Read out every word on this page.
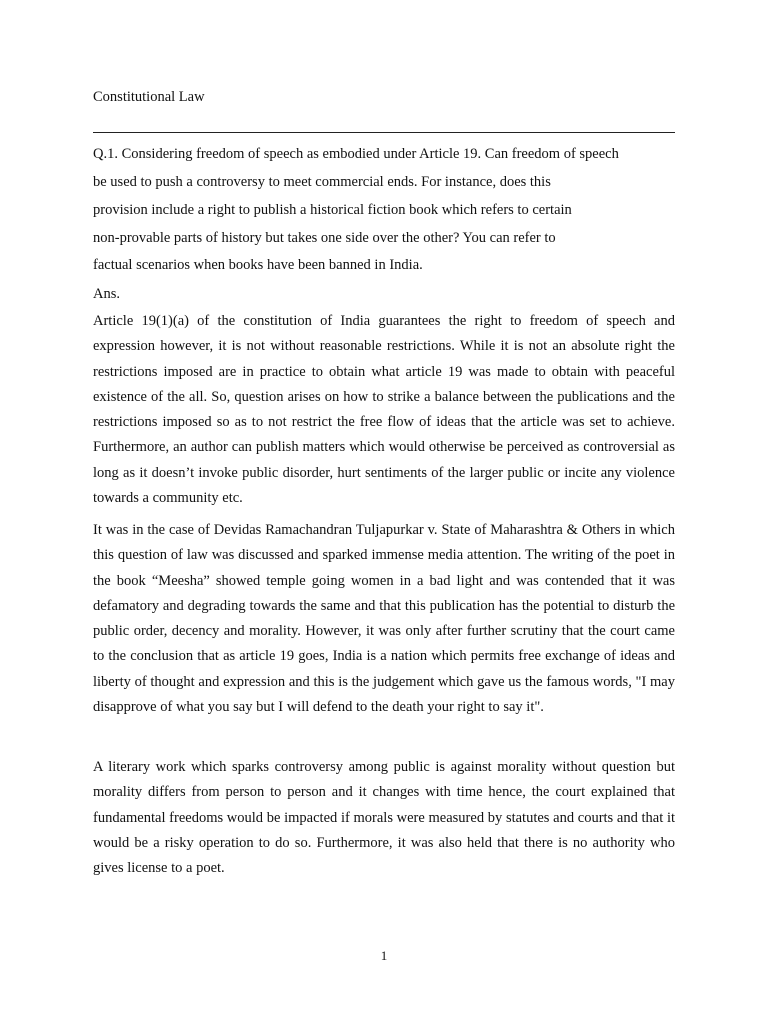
Constitutional Law
Q.1. Considering freedom of speech as embodied under Article 19. Can freedom of speech
be used to push a controversy to meet commercial ends. For instance, does this
provision include a right to publish a historical fiction book which refers to certain
non-provable parts of history but takes one side over the other? You can refer to
factual scenarios when books have been banned in India.
Ans.

Article 19(1)(a) of the constitution of India guarantees the right to freedom of speech and expression however, it is not without reasonable restrictions. While it is not an absolute right the restrictions imposed are in practice to obtain what article 19 was made to obtain with peaceful existence of the all. So, question arises on how to strike a balance between the publications and the restrictions imposed so as to not restrict the free flow of ideas that the article was set to achieve. Furthermore, an author can publish matters which would otherwise be perceived as controversial as long as it doesn’t invoke public disorder, hurt sentiments of the larger public or incite any violence towards a community etc.

It was in the case of Devidas Ramachandran Tuljapurkar v. State of Maharashtra & Others in which this question of law was discussed and sparked immense media attention. The writing of the poet in the book “Meesha” showed temple going women in a bad light and was contended that it was defamatory and degrading towards the same and that this publication has the potential to disturb the public order, decency and morality. However, it was only after further scrutiny that the court came to the conclusion that as article 19 goes, India is a nation which permits free exchange of ideas and liberty of thought and expression and this is the judgement which gave us the famous words, "I may disapprove of what you say but I will defend to the death your right to say it".

A literary work which sparks controversy among public is against morality without question but morality differs from person to person and it changes with time hence, the court explained that fundamental freedoms would be impacted if morals were measured by statutes and courts and that it would be a risky operation to do so. Furthermore, it was also held that there is no authority who gives license to a poet.

1
